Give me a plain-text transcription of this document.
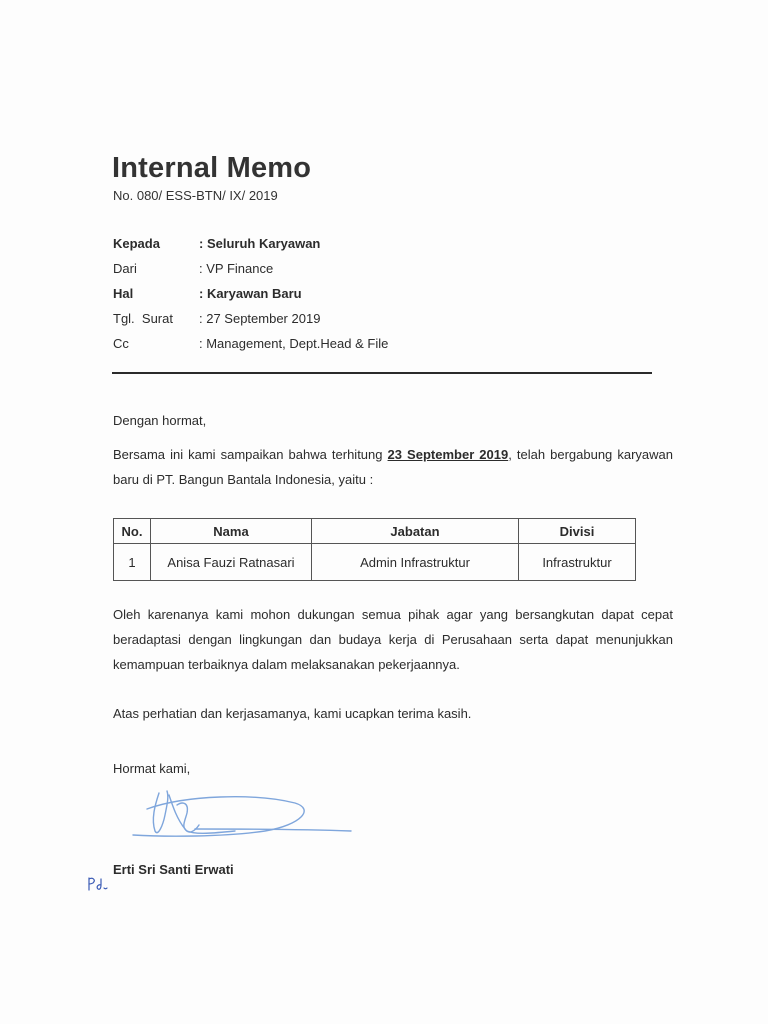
Internal Memo
No. 080/ ESS-BTN/ IX/ 2019
Kepada	: Seluruh Karyawan
Dari	: VP Finance
Hal	: Karyawan Baru
Tgl.  Surat	: 27 September 2019
Cc	: Management, Dept.Head & File
Dengan hormat,
Bersama ini kami sampaikan bahwa terhitung 23 September 2019, telah bergabung karyawan baru di PT. Bangun Bantala Indonesia, yaitu :
No.	Nama	Jabatan	Divisi
1	Anisa Fauzi Ratnasari	Admin Infrastruktur	Infrastruktur
Oleh karenanya kami mohon dukungan semua pihak agar yang bersangkutan dapat cepat beradaptasi dengan lingkungan dan budaya kerja di Perusahaan serta dapat menunjukkan kemampuan terbaiknya dalam melaksanakan pekerjaannya.
Atas perhatian dan kerjasamanya, kami ucapkan terima kasih.
Hormat kami,
Erti Sri Santi Erwati
